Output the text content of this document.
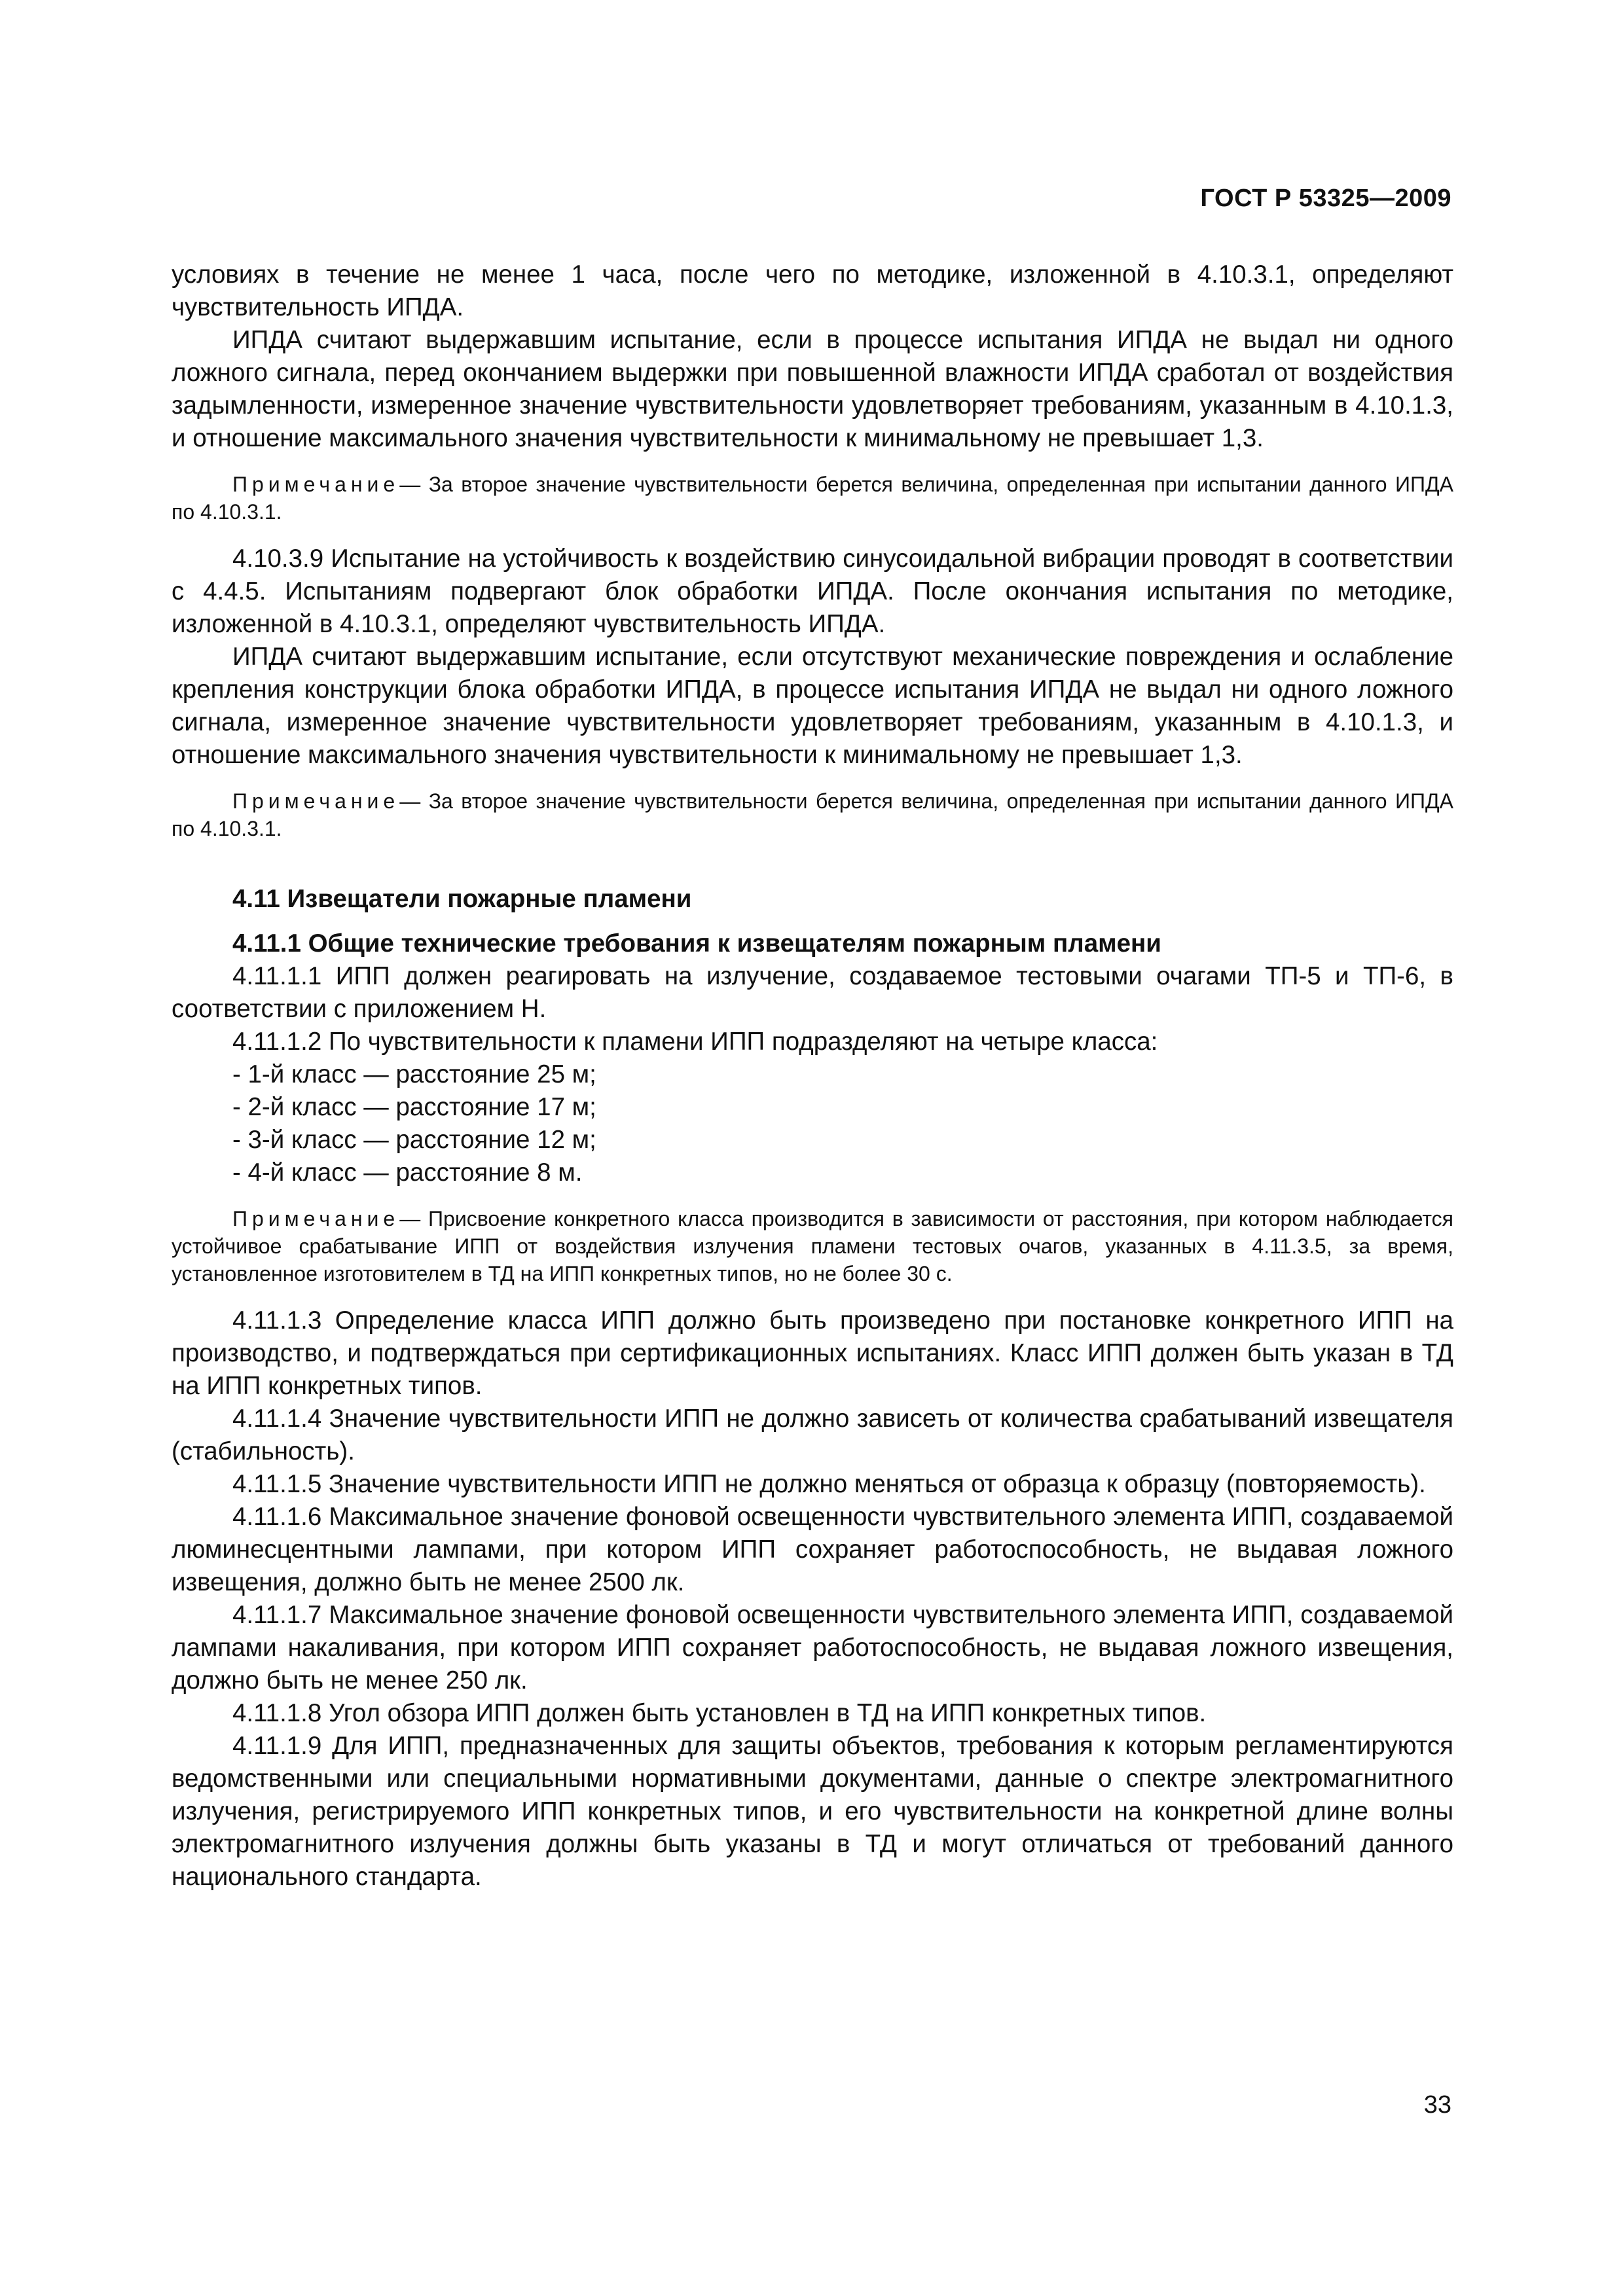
ГОСТ Р 53325—2009

условиях в течение не менее 1 часа, после чего по методике, изложенной в 4.10.3.1, определяют чувствительность ИПДА.

ИПДА считают выдержавшим испытание, если в процессе испытания ИПДА не выдал ни одного ложного сигнала, перед окончанием выдержки при повышенной влажности ИПДА сработал от воздействия задымленности, измеренное значение чувствительности удовлетворяет требованиям, указанным в 4.10.1.3, и отношение максимального значения чувствительности к минимальному не превышает 1,3.

Примечание— За второе значение чувствительности берется величина, определенная при испытании данного ИПДА по 4.10.3.1.

4.10.3.9 Испытание на устойчивость к воздействию синусоидальной вибрации проводят в соответствии с 4.4.5. Испытаниям подвергают блок обработки ИПДА. После окончания испытания по методике, изложенной в 4.10.3.1, определяют чувствительность ИПДА.

ИПДА считают выдержавшим испытание, если отсутствуют механические повреждения и ослабление крепления конструкции блока обработки ИПДА, в процессе испытания ИПДА не выдал ни одного ложного сигнала, измеренное значение чувствительности удовлетворяет требованиям, указанным в 4.10.1.3, и отношение максимального значения чувствительности к минимальному не превышает 1,3.

Примечание— За второе значение чувствительности берется величина, определенная при испытании данного ИПДА по 4.10.3.1.

4.11 Извещатели пожарные пламени

4.11.1 Общие технические требования к извещателям пожарным пламени

4.11.1.1 ИПП должен реагировать на излучение, создаваемое тестовыми очагами ТП-5 и ТП-6, в соответствии с приложением Н.

4.11.1.2 По чувствительности к пламени ИПП подразделяют на четыре класса:

- 1-й класс — расстояние 25 м;

- 2-й класс — расстояние 17 м;

- 3-й класс — расстояние 12 м;

- 4-й класс — расстояние 8 м.

Примечание— Присвоение конкретного класса производится в зависимости от расстояния, при котором наблюдается устойчивое срабатывание ИПП от воздействия излучения пламени тестовых очагов, указанных в 4.11.3.5, за время, установленное изготовителем в ТД на ИПП конкретных типов, но не более 30 с.

4.11.1.3 Определение класса ИПП должно быть произведено при постановке конкретного ИПП на производство, и подтверждаться при сертификационных испытаниях. Класс ИПП должен быть указан в ТД на ИПП конкретных типов.

4.11.1.4 Значение чувствительности ИПП не должно зависеть от количества срабатываний извещателя (стабильность).

4.11.1.5 Значение чувствительности ИПП не должно меняться от образца к образцу (повторяемость).

4.11.1.6 Максимальное значение фоновой освещенности чувствительного элемента ИПП, создаваемой люминесцентными лампами, при котором ИПП сохраняет работоспособность, не выдавая ложного извещения, должно быть не менее 2500 лк.

4.11.1.7 Максимальное значение фоновой освещенности чувствительного элемента ИПП, создаваемой лампами накаливания, при котором ИПП сохраняет работоспособность, не выдавая ложного извещения, должно быть не менее 250 лк.

4.11.1.8 Угол обзора ИПП должен быть установлен в ТД на ИПП конкретных типов.

4.11.1.9 Для ИПП, предназначенных для защиты объектов, требования к которым регламентируются ведомственными или специальными нормативными документами, данные о спектре электромагнитного излучения, регистрируемого ИПП конкретных типов, и его чувствительности на конкретной длине волны электромагнитного излучения должны быть указаны в ТД и могут отличаться от требований данного национального стандарта.

33
